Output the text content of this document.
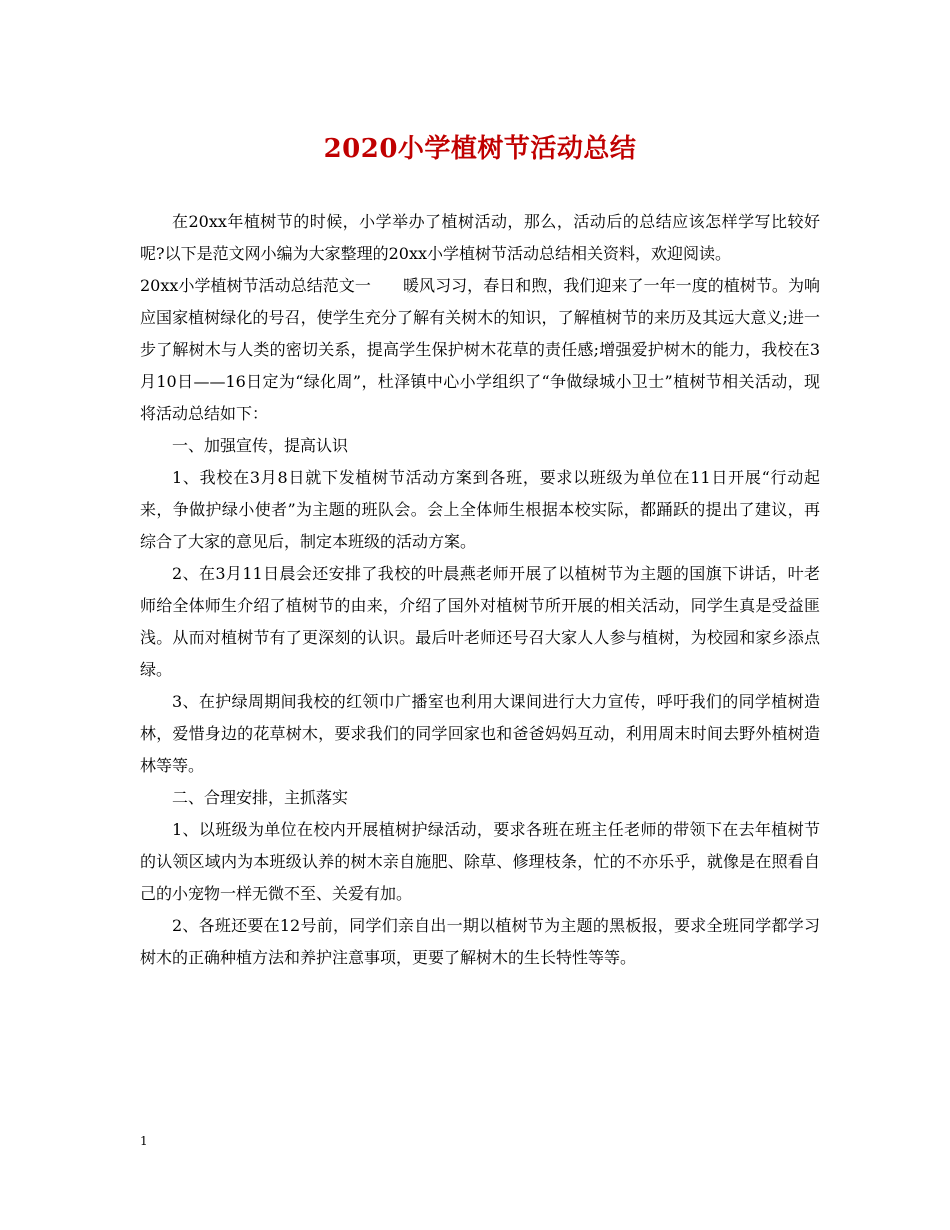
2020小学植树节活动总结

在20xx年植树节的时候，小学举办了植树活动，那么，活动后的总结应该怎样学写比较好呢?以下是范文网小编为大家整理的20xx小学植树节活动总结相关资料，欢迎阅读。

20xx小学植树节活动总结范文一　　暖风习习，春日和煦，我们迎来了一年一度的植树节。为响应国家植树绿化的号召，使学生充分了解有关树木的知识，了解植树节的来历及其远大意义;进一步了解树木与人类的密切关系，提高学生保护树木花草的责任感;增强爱护树木的能力，我校在3月10日——16日定为“绿化周”，杜泽镇中心小学组织了“争做绿城小卫士”植树节相关活动，现将活动总结如下：

一、加强宣传，提高认识

1、我校在3月8日就下发植树节活动方案到各班，要求以班级为单位在11日开展“行动起来，争做护绿小使者”为主题的班队会。会上全体师生根据本校实际，都踊跃的提出了建议，再综合了大家的意见后，制定本班级的活动方案。

2、在3月11日晨会还安排了我校的叶晨燕老师开展了以植树节为主题的国旗下讲话，叶老师给全体师生介绍了植树节的由来，介绍了国外对植树节所开展的相关活动，同学生真是受益匪浅。从而对植树节有了更深刻的认识。最后叶老师还号召大家人人参与植树，为校园和家乡添点绿。

3、在护绿周期间我校的红领巾广播室也利用大课间进行大力宣传，呼吁我们的同学植树造林，爱惜身边的花草树木，要求我们的同学回家也和爸爸妈妈互动，利用周末时间去野外植树造林等等。

二、合理安排，主抓落实

1、以班级为单位在校内开展植树护绿活动，要求各班在班主任老师的带领下在去年植树节的认领区域内为本班级认养的树木亲自施肥、除草、修理枝条，忙的不亦乐乎，就像是在照看自己的小宠物一样无微不至、关爱有加。

2、各班还要在12号前，同学们亲自出一期以植树节为主题的黑板报，要求全班同学都学习树木的正确种植方法和养护注意事项，更要了解树木的生长特性等等。

1
